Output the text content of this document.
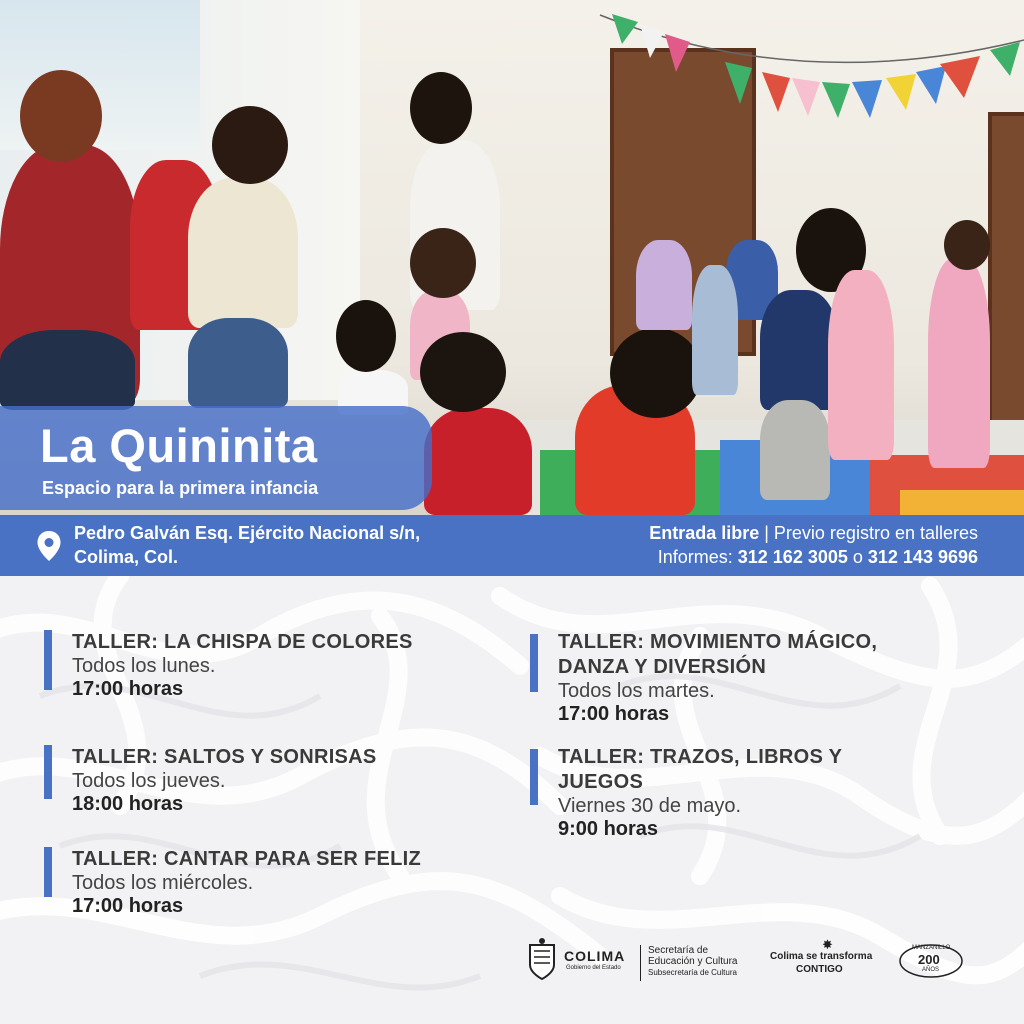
La Quininita

Espacio para la primera infancia

Pedro Galván Esq. Ejército Nacional s/n,
Colima, Col.
Entrada libre | Previo registro en talleres
Informes: 312 162 3005 o 312 143 9696

TALLER: LA CHISPA DE COLORES

Todos los lunes.

17:00 horas

TALLER: SALTOS Y SONRISAS

Todos los jueves.

18:00 horas

TALLER: CANTAR PARA SER FELIZ

Todos los miércoles.

17:00 horas

TALLER: MOVIMIENTO MÁGICO,

DANZA Y DIVERSIÓN

Todos los martes.

17:00 horas

TALLER: TRAZOS, LIBROS Y

JUEGOS

Viernes 30 de mayo.

9:00 horas

COLIMA
Gobierno del Estado
Secretaría de
Educación y Cultura
Subsecretaría de Cultura
Colima se transforma
CONTIGO
✸	MANZANILLO
200
AÑOS
